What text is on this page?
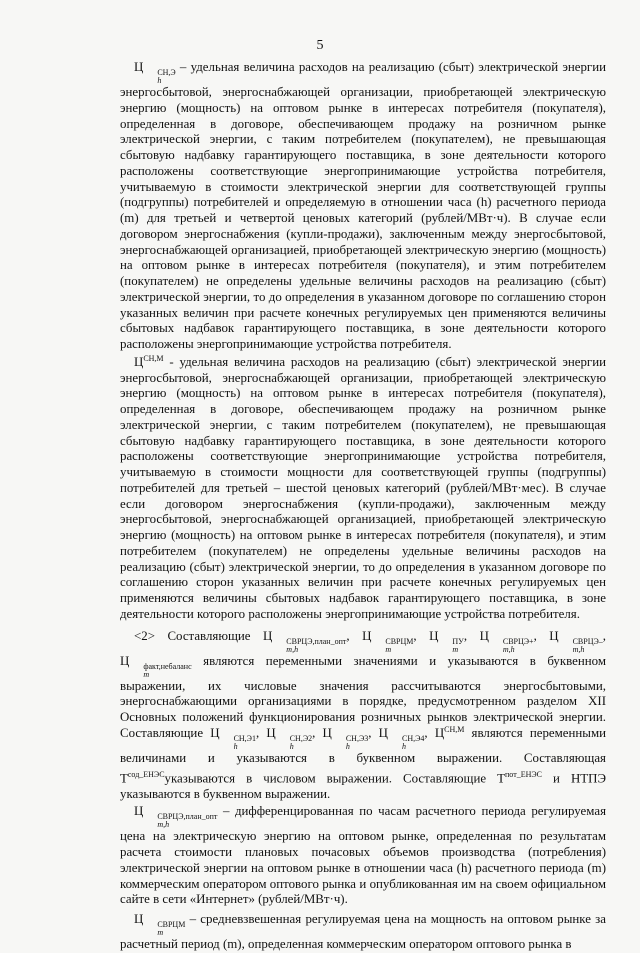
5

Ц	СН,Э
h
– удельная величина расходов на реализацию (сбыт) электрической энергии энергосбытовой, энергоснабжающей организации, приобретающей электрическую энергию (мощность) на оптовом рынке в интересах потребителя (покупателя), определенная в договоре, обеспечивающем продажу на розничном рынке электрической энергии, с таким потребителем (покупателем), не превышающая сбытовую надбавку гарантирующего поставщика, в зоне деятельности которого расположены соответствующие энергопринимающие устройства потребителя, учитываемую в стоимости электрической энергии для соответствующей группы (подгруппы) потребителей и определяемую в отношении часа (h) расчетного периода (m) для третьей и четвертой ценовых категорий (рублей/МВт·ч). В случае если договором энергоснабжения (купли-продажи), заключенным между энергосбытовой, энергоснабжающей организацией, приобретающей электрическую энергию (мощность) на оптовом рынке в интересах потребителя (покупателя), и этим потребителем (покупателем) не определены удельные величины расходов на реализацию (сбыт) электрической энергии, то до определения в указанном договоре по соглашению сторон указанных величин при расчете конечных регулируемых цен применяются величины сбытовых надбавок гарантирующего поставщика, в зоне деятельности которого расположены энергопринимающие устройства потребителя.

$Ц^{СН,М}$ - удельная величина расходов на реализацию (сбыт) электрической энергии энергосбытовой, энергоснабжающей организации, приобретающей электрическую энергию (мощность) на оптовом рынке в интересах потребителя (покупателя), определенная в договоре, обеспечивающем продажу на розничном рынке электрической энергии, с таким потребителем (покупателем), не превышающая сбытовую надбавку гарантирующего поставщика, в зоне деятельности которого расположены соответствующие энергопринимающие устройства потребителя, учитываемую в стоимости мощности для соответствующей группы (подгруппы) потребителей для третьей – шестой ценовых категорий (рублей/МВт·мес). В случае если договором энергоснабжения (купли-продажи), заключенным между энергосбытовой, энергоснабжающей организацией, приобретающей электрическую энергию (мощность) на оптовом рынке в интересах потребителя (покупателя), и этим потребителем (покупателем) не определены удельные величины расходов на реализацию (сбыт) электрической энергии, то до определения в указанном договоре по соглашению сторон указанных величин при расчете конечных регулируемых цен применяются величины сбытовых надбавок гарантирующего поставщика, в зоне деятельности которого расположены энергопринимающие устройства потребителя.

<2> Составляющие Ц	СВРЦЭ,план_опт
m,h
, Ц	СВРЦМ
m
, Ц	ПУ
m
, Ц	СВРЦЭ+
m,h
, Ц	СВРЦЭ–
m,h
, Ц	факт,небаланс
m
являются переменными значениями и указываются в буквенном выражении, их числовые значения рассчитываются энергосбытовыми, энергоснабжающими организациями в порядке, предусмотренном разделом XII Основных положений функционирования розничных рынков электрической энергии. Составляющие Ц	СН,Э1
h
, Ц	СН,Э2
h
, Ц	СН,Э3
h
, Ц	СН,Э4
h
, $Ц^{СН,М}$ являются переменными величинами и указываются в буквенном выражении. Составляющая $Т^{сод\_ЕНЭС}указываются$ в числовом выражении. Составляющие $Т^{пот\_ЕНЭС}$ и НТПЭ указываются в буквенном выражении.

Ц	СВРЦЭ,план_опт
m,h
– дифференцированная по часам расчетного периода регулируемая цена на электрическую энергию на оптовом рынке, определенная по результатам расчета стоимости плановых почасовых объемов производства (потребления) электрической энергии на оптовом рынке в отношении часа (h) расчетного периода (m) коммерческим оператором оптового рынка и опубликованная им на своем официальном сайте в сети «Интернет» (рублей/МВт·ч).

Ц	СВРЦМ
m
– средневзвешенная регулируемая цена на мощность на оптовом рынке за расчетный период (m), определенная коммерческим оператором оптового рынка в
